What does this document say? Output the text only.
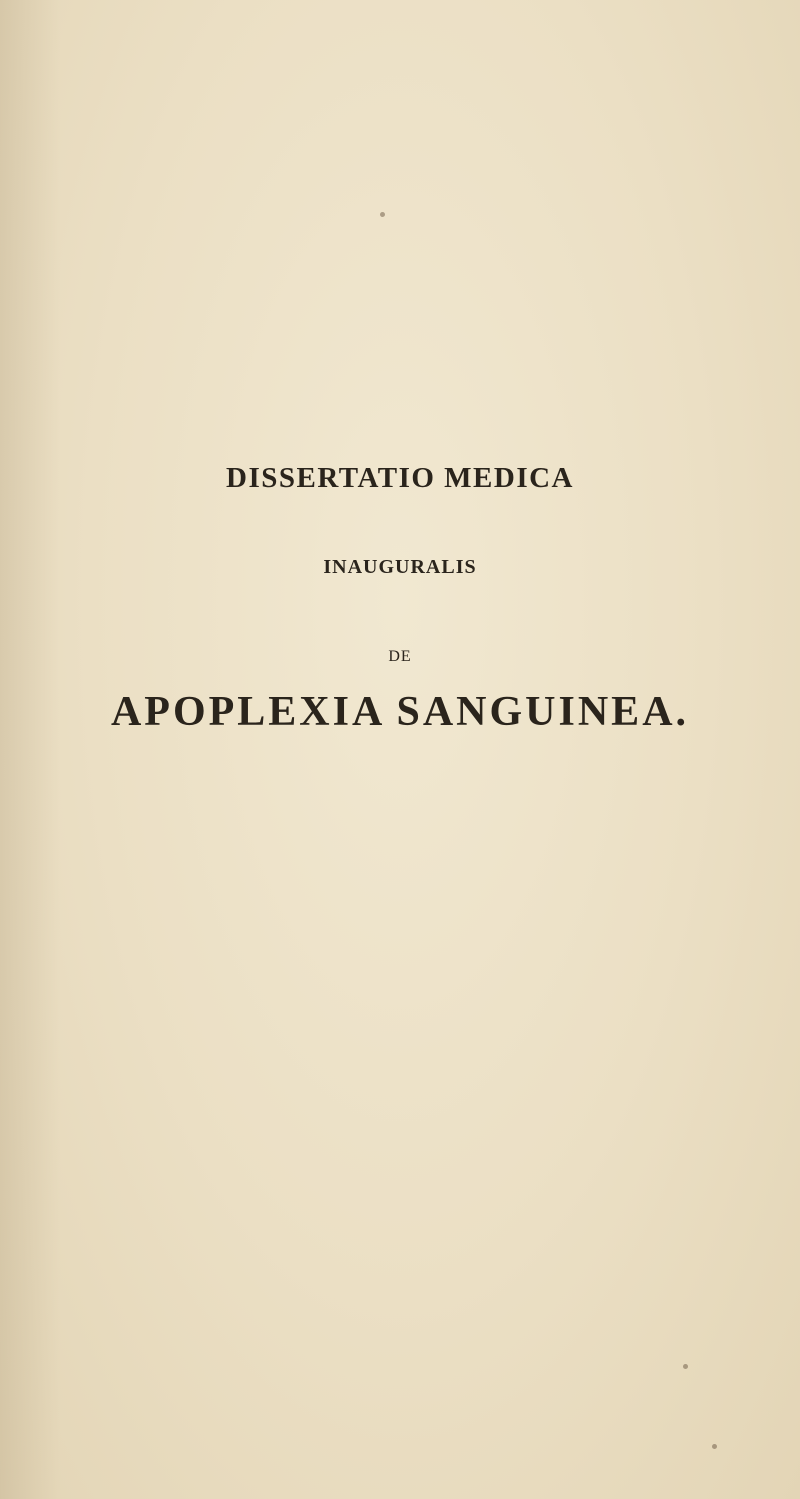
DISSERTATIO MEDICA
INAUGURALIS
DE
APOPLEXIA SANGUINEA.
